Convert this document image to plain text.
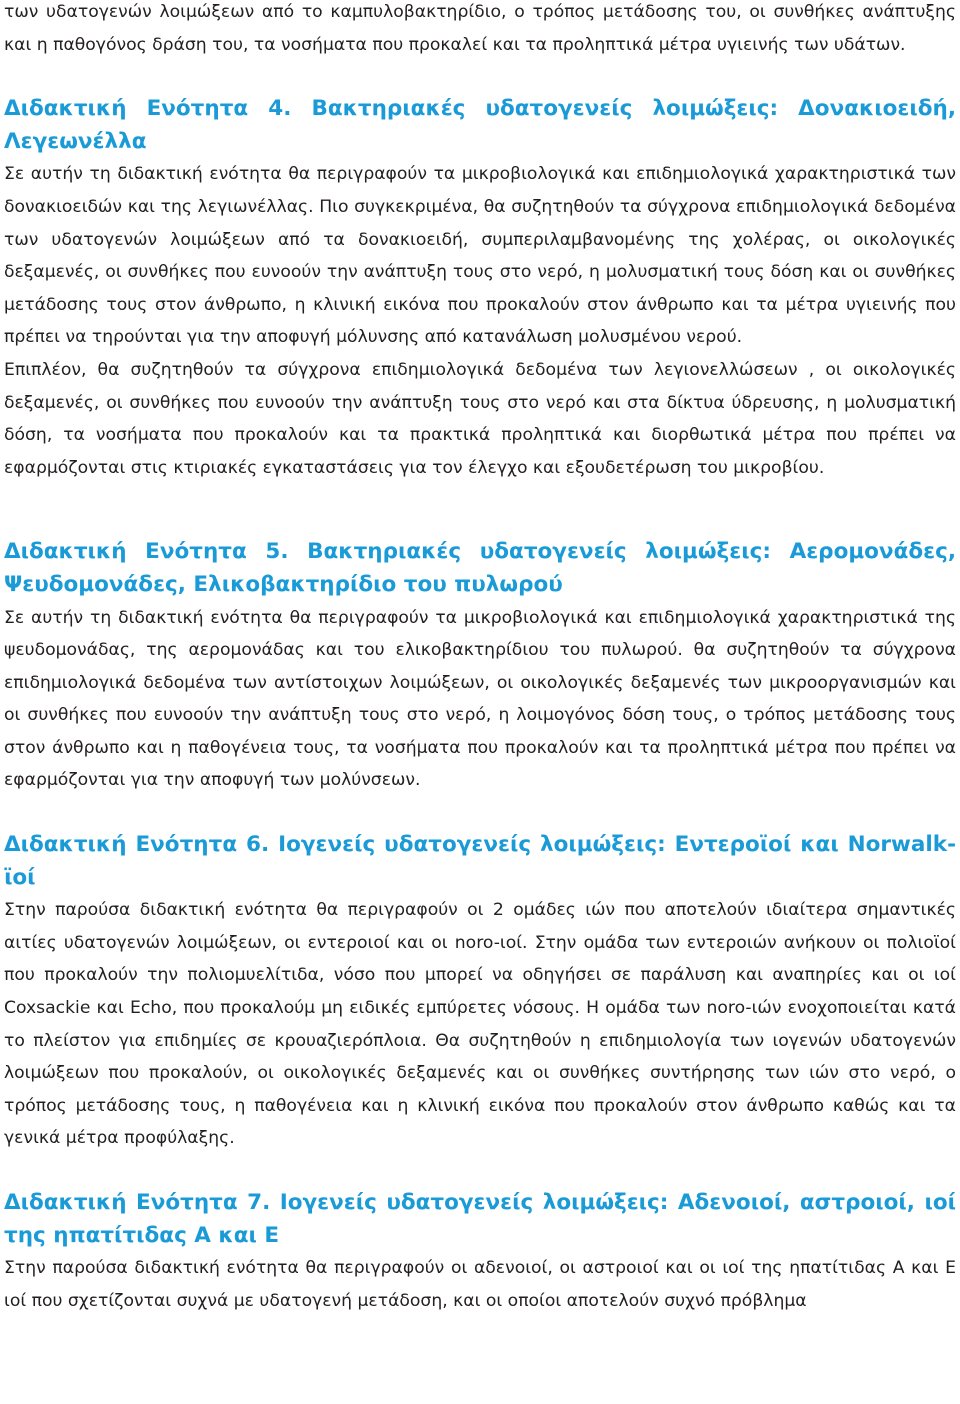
των υδατογενών λοιμώξεων από το καμπυλοβακτηρίδιο, ο τρόπος μετάδοσης του, οι συνθήκες ανάπτυξης και η παθογόνος δράση του, τα νοσήματα που προκαλεί και τα προληπτικά μέτρα υγιεινής των υδάτων.

Διδακτική Ενότητα 4. Βακτηριακές υδατογενείς λοιμώξεις: Δονακιοειδή, Λεγεωνέλλα

Σε αυτήν τη διδακτική ενότητα θα περιγραφούν τα μικροβιολογικά και επιδημιολογικά χαρακτηριστικά των δονακιοειδών και της λεγιωνέλλας. Πιο συγκεκριμένα, θα συζητηθούν τα σύγχρονα επιδημιολογικά δεδομένα των υδατογενών λοιμώξεων από τα δονακιοειδή, συμπεριλαμβανομένης της χολέρας, οι οικολογικές δεξαμενές, οι συνθήκες που ευνοούν την ανάπτυξη τους στο νερό, η μολυσματική τους δόση και οι συνθήκες μετάδοσης τους στον άνθρωπο, η κλινική εικόνα που προκαλούν στον άνθρωπο και τα μέτρα υγιεινής που πρέπει να τηρούνται για την αποφυγή μόλυνσης από κατανάλωση μολυσμένου νερού.

Επιπλέον, θα συζητηθούν τα σύγχρονα επιδημιολογικά δεδομένα των λεγιονελλώσεων , οι οικολογικές δεξαμενές, οι συνθήκες που ευνοούν την ανάπτυξη τους στο νερό και στα δίκτυα ύδρευσης, η μολυσματική δόση, τα νοσήματα που προκαλούν και τα πρακτικά προληπτικά και διορθωτικά μέτρα που πρέπει να εφαρμόζονται στις κτιριακές εγκαταστάσεις για τον έλεγχο και εξουδετέρωση του μικροβίου.

Διδακτική Ενότητα 5. Βακτηριακές υδατογενείς λοιμώξεις: Αερομονάδες, Ψευδομονάδες, Ελικοβακτηρίδιο του πυλωρού

Σε αυτήν τη διδακτική ενότητα θα περιγραφούν τα μικροβιολογικά και επιδημιολογικά χαρακτηριστικά της ψευδομονάδας, της αερομονάδας και του ελικοβακτηρίδιου του πυλωρού. θα συζητηθούν τα σύγχρονα επιδημιολογικά δεδομένα των αντίστοιχων λοιμώξεων, οι οικολογικές δεξαμενές των μικροοργανισμών και οι συνθήκες που ευνοούν την ανάπτυξη τους στο νερό, η λοιμογόνος δόση τους, ο τρόπος μετάδοσης τους στον άνθρωπο και η παθογένεια τους, τα νοσήματα που προκαλούν και τα προληπτικά μέτρα που πρέπει να εφαρμόζονται για την αποφυγή των μολύνσεων.

Διδακτική Ενότητα 6. Ιογενείς υδατογενείς λοιμώξεις: Εντεροϊοί και Norwalk-ϊοί

Στην παρούσα διδακτική ενότητα θα περιγραφούν οι 2 ομάδες ιών που αποτελούν ιδιαίτερα σημαντικές αιτίες υδατογενών λοιμώξεων, οι εντεροιοί και οι noro-ιοί. Στην ομάδα των εντεροιών ανήκουν οι πολιοϊοί που προκαλούν την πολιομυελίτιδα, νόσο που μπορεί να οδηγήσει σε παράλυση και αναπηρίες και οι ιοί Coxsackie και Echo, που προκαλούμ μη ειδικές εμπύρετες νόσους. Η ομάδα των noro-ιών ενοχοποιείται κατά το πλείστον για επιδημίες σε κρουαζιερόπλοια. Θα συζητηθούν η επιδημιολογία των ιογενών υδατογενών λοιμώξεων που προκαλούν, οι οικολογικές δεξαμενές και οι συνθήκες συντήρησης των ιών στο νερό, ο τρόπος μετάδοσης τους, η παθογένεια και η κλινική εικόνα που προκαλούν στον άνθρωπο καθώς και τα γενικά μέτρα προφύλαξης.

Διδακτική Ενότητα 7. Ιογενείς υδατογενείς λοιμώξεις: Αδενοιοί, αστροιοί, ιοί της ηπατίτιδας Α και Ε

Στην παρούσα διδακτική ενότητα θα περιγραφούν οι αδενοιοί, οι αστροιοί και οι ιοί της ηπατίτιδας Α και Ε ιοί που σχετίζονται συχνά με υδατογενή μετάδοση, και οι οποίοι αποτελούν συχνό πρόβλημα
